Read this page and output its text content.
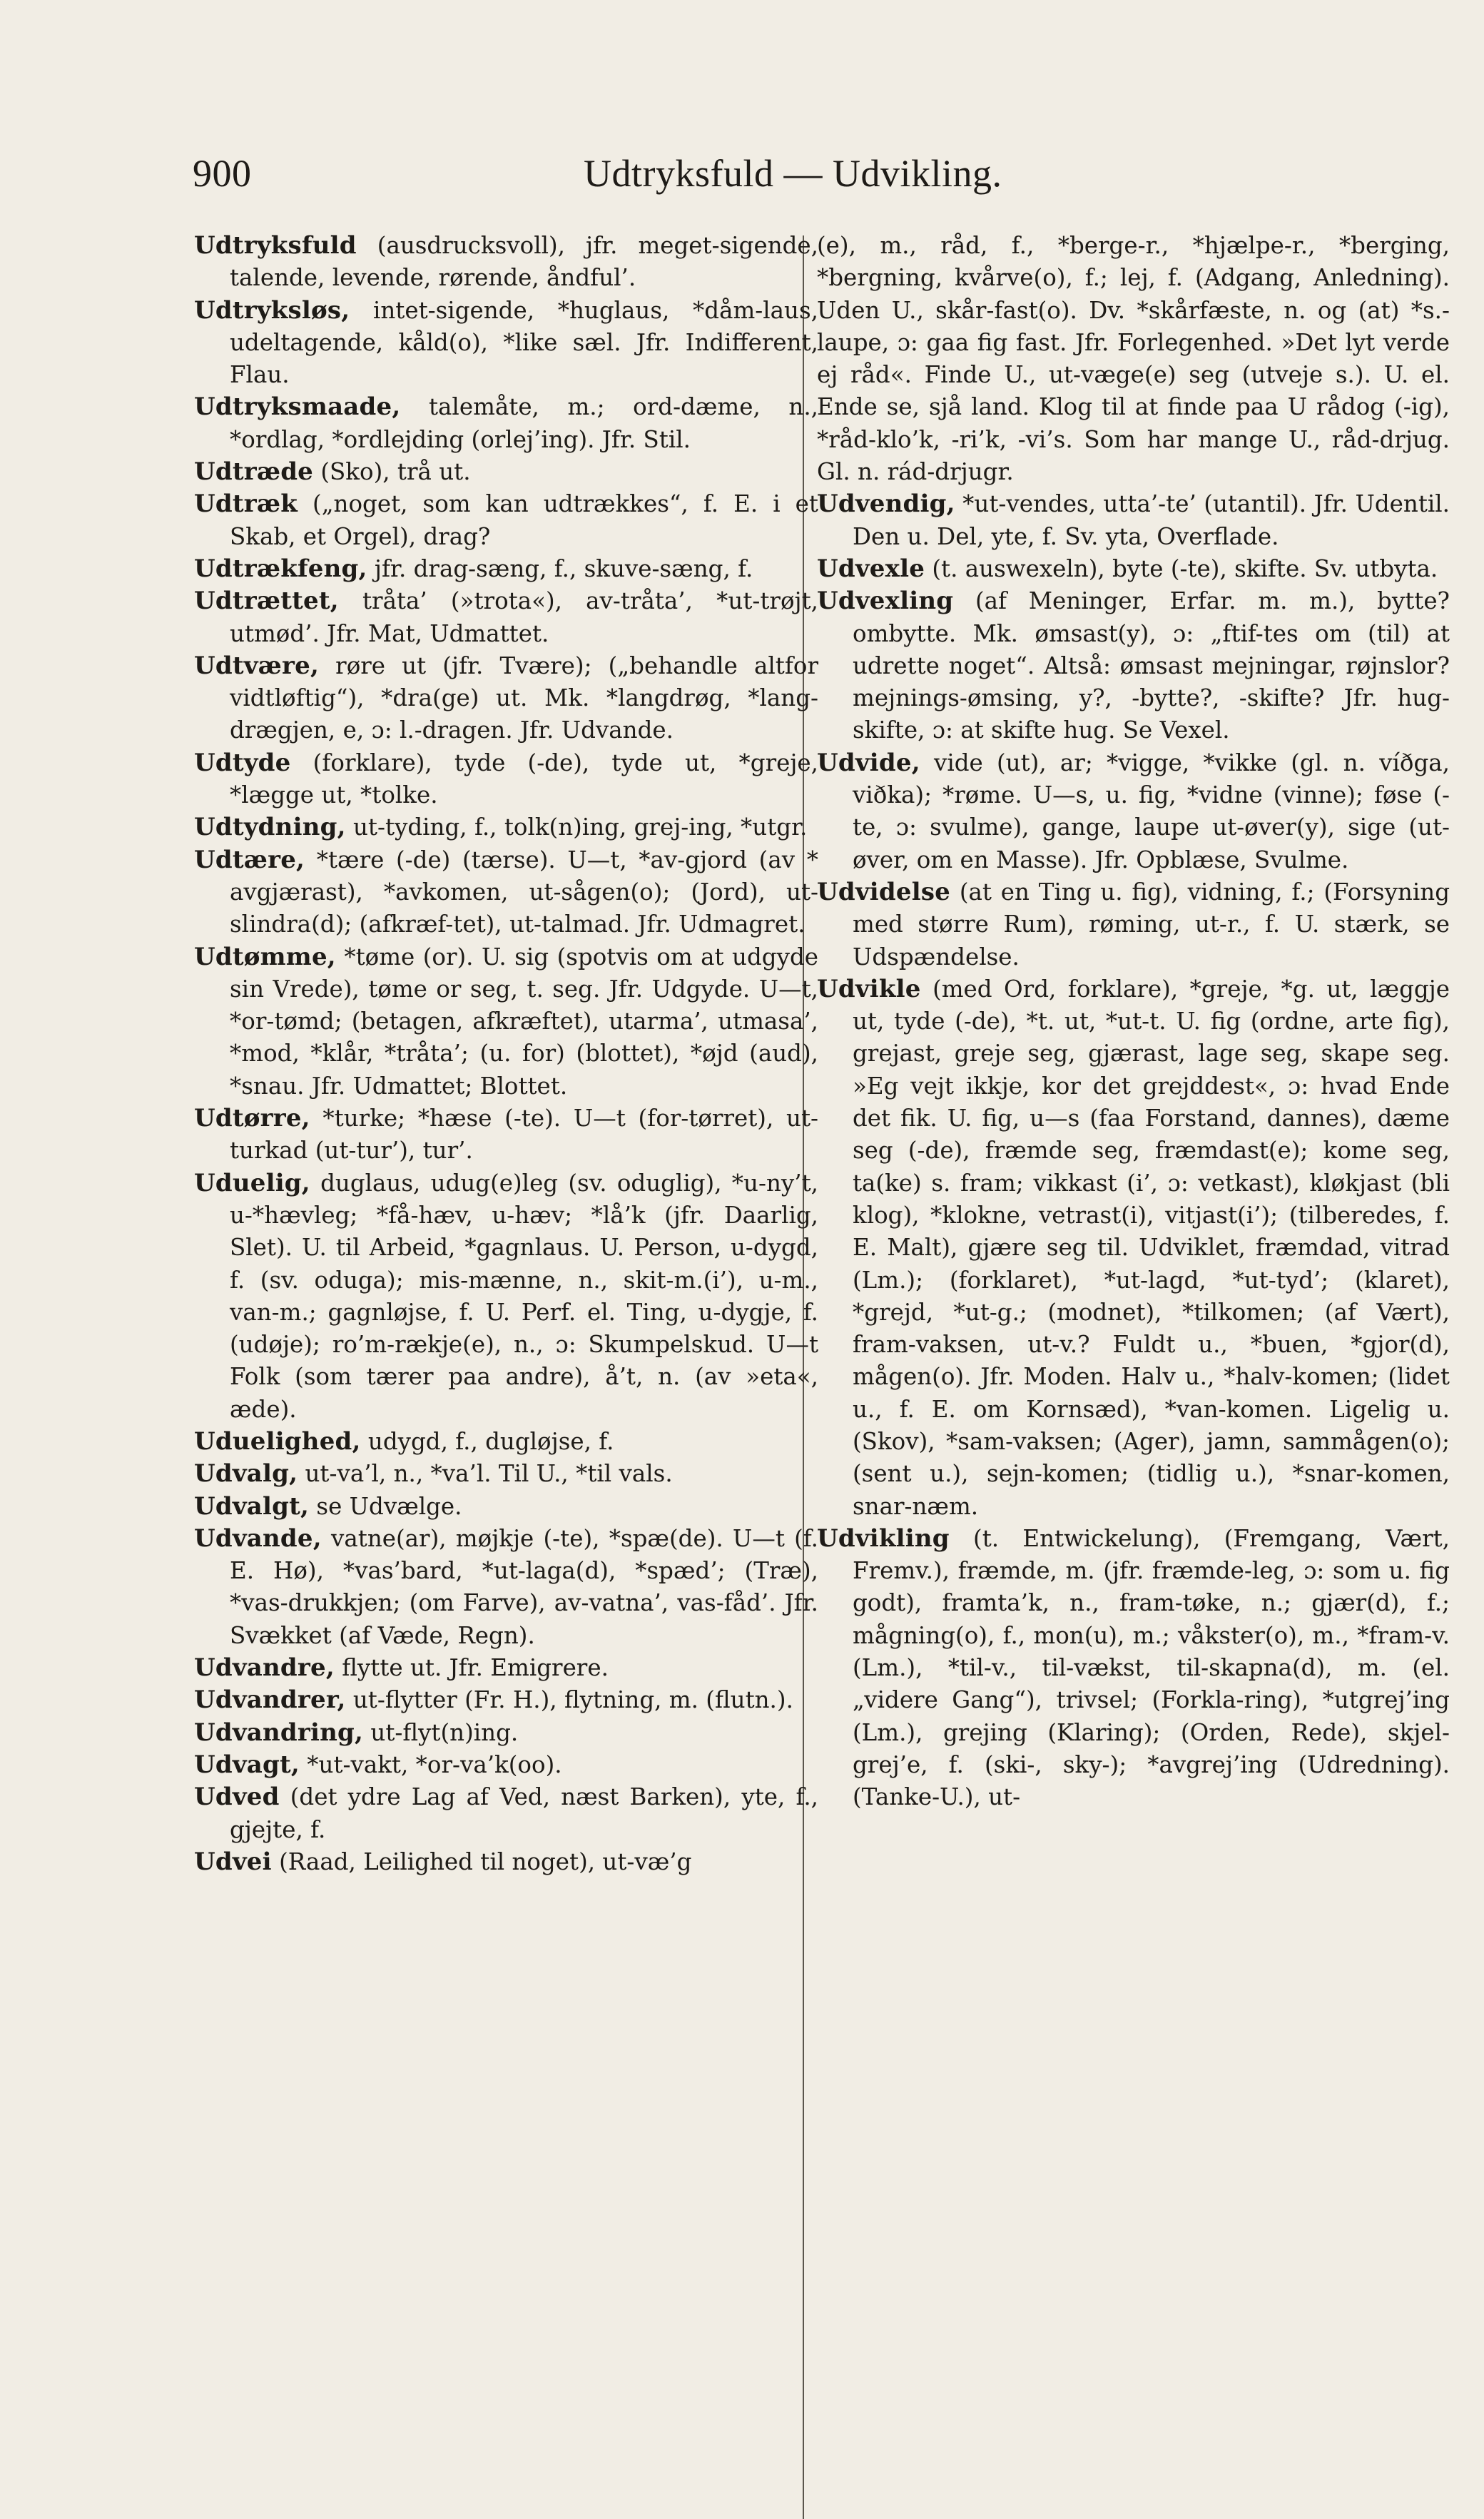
900	Udtryksfuld — Udvikling.

Udtryksfuld (ausdrucksvoll), jfr. meget-sigende, talende, levende, rørende, åndful’.

Udtryksløs, intet-sigende, *huglaus, *dåm-laus, udeltagende, kåld(o), *like sæl. Jfr. Indifferent, Flau.

Udtryksmaade, talemåte, m.; ord-dæme, n., *ordlag, *ordlejding (orlej’ing). Jfr. Stil.

Udtræde (Sko), trå ut.

Udtræk („noget, som kan udtrækkes“, f. E. i et Skab, et Orgel), drag?

Udtrækfeng, jfr. drag-sæng, f., skuve-sæng, f.

Udtrættet, tråta’ (»trota«), av-tråta’, *ut-trøjt, utmød’. Jfr. Mat, Udmattet.

Udtvære, røre ut (jfr. Tvære); („behandle altfor vidtløftig“), *dra(ge) ut. Mk. *langdrøg, *lang-drægjen, e, ɔ: l.-dragen. Jfr. Udvande.

Udtyde (forklare), tyde (-de), tyde ut, *greje, *lægge ut, *tolke.

Udtydning, ut-tyding, f., tolk(n)ing, grej-ing, *utgr.

Udtære, *tære (-de) (tærse). U—t, *av-gjord (av * avgjærast), *avkomen, ut-sågen(o); (Jord), ut-slindra(d); (afkræf-tet), ut-talmad. Jfr. Udmagret.

Udtømme, *tøme (or). U. sig (spotvis om at udgyde sin Vrede), tøme or seg, t. seg. Jfr. Udgyde. U—t, *or-tømd; (betagen, afkræftet), utarma’, utmasa’, *mod, *klår, *tråta’; (u. for) (blottet), *øjd (aud), *snau. Jfr. Udmattet; Blottet.

Udtørre, *turke; *hæse (-te). U—t (for-tørret), ut-turkad (ut-tur’), tur’.

Uduelig, duglaus, udug(e)leg (sv. oduglig), *u-ny’t, u-*hævleg; *få-hæv, u-hæv; *lå’k (jfr. Daarlig, Slet). U. til Arbeid, *gagnlaus. U. Person, u-dygd, f. (sv. oduga); mis-mænne, n., skit-m.(i’), u-m., van-m.; gagnløjse, f. U. Perf. el. Ting, u-dygje, f. (udøje); ro’m-rækje(e), n., ɔ: Skumpelskud. U—t Folk (som tærer paa andre), å’t, n. (av »eta«, æde).

Uduelighed, udygd, f., dugløjse, f.

Udvalg, ut-va’l, n., *va’l. Til U., *til vals.

Udvalgt, se Udvælge.

Udvande, vatne(ar), møjkje (-te), *spæ(de). U—t (f. E. Hø), *vas’bard, *ut-laga(d), *spæd’; (Træ), *vas-drukkjen; (om Farve), av-vatna’, vas-fåd’. Jfr. Svækket (af Væde, Regn).

Udvandre, flytte ut. Jfr. Emigrere.

Udvandrer, ut-flytter (Fr. H.), flytning, m. (flutn.).

Udvandring, ut-flyt(n)ing.

Udvagt, *ut-vakt, *or-va’k(oo).

Udved (det ydre Lag af Ved, næst Barken), yte, f., gjejte, f.

Udvei (Raad, Leilighed til noget), ut-væ’g

(e), m., råd, f., *berge-r., *hjælpe-r., *berging, *bergning, kvårve(o), f.; lej, f. (Adgang, Anledning). Uden U., skår-fast(o). Dv. *skårfæste, n. og (at) *s.-laupe, ɔ: gaa fig fast. Jfr. Forlegenhed. »Det lyt verde ej råd«. Finde U., ut-væge(e) seg (utveje s.). U. el. Ende se, sjå land. Klog til at finde paa U rådog (-ig), *råd-klo’k, -ri’k, -vi’s. Som har mange U., råd-drjug. Gl. n. rád-drjugr.

Udvendig, *ut-vendes, utta’-te’ (utantil). Jfr. Udentil. Den u. Del, yte, f. Sv. yta, Overflade.

Udvexle (t. auswexeln), byte (-te), skifte. Sv. utbyta.

Udvexling (af Meninger, Erfar. m. m.), bytte? ombytte. Mk. ømsast(y), ɔ: „ftif-tes om (til) at udrette noget“. Altså: ømsast mejningar, røjnslor? mejnings-ømsing, y?, -bytte?, -skifte? Jfr. hug-skifte, ɔ: at skifte hug. Se Vexel.

Udvide, vide (ut), ar; *vigge, *vikke (gl. n. víðga, viðka); *røme. U—s, u. fig, *vidne (vinne); føse (-te, ɔ: svulme), gange, laupe ut-øver(y), sige (ut-øver, om en Masse). Jfr. Opblæse, Svulme.

Udvidelse (at en Ting u. fig), vidning, f.; (Forsyning med større Rum), røming, ut-r., f. U. stærk, se Udspændelse.

Udvikle (med Ord, forklare), *greje, *g. ut, læggje ut, tyde (-de), *t. ut, *ut-t. U. fig (ordne, arte fig), grejast, greje seg, gjærast, lage seg, skape seg. »Eg vejt ikkje, kor det grejddest«, ɔ: hvad Ende det fik. U. fig, u—s (faa Forstand, dannes), dæme seg (-de), fræmde seg, fræmdast(e); kome seg, ta(ke) s. fram; vikkast (i’, ɔ: vetkast), kløkjast (bli klog), *klokne, vetrast(i), vitjast(i’); (tilberedes, f. E. Malt), gjære seg til. Udviklet, fræmdad, vitrad (Lm.); (forklaret), *ut-lagd, *ut-tyd’; (klaret), *grejd, *ut-g.; (modnet), *tilkomen; (af Vært), fram-vaksen, ut-v.? Fuldt u., *buen, *gjor(d), mågen(o). Jfr. Moden. Halv u., *halv-komen; (lidet u., f. E. om Kornsæd), *van-komen. Ligelig u. (Skov), *sam-vaksen; (Ager), jamn, sammågen(o); (sent u.), sejn-komen; (tidlig u.), *snar-komen, snar-næm.

Udvikling (t. Entwickelung), (Fremgang, Vært, Fremv.), fræmde, m. (jfr. fræmde-leg, ɔ: som u. fig godt), framta’k, n., fram-tøke, n.; gjær(d), f.; mågning(o), f., mon(u), m.; våkster(o), m., *fram-v. (Lm.), *til-v., til-vækst, til-skapna(d), m. (el. „videre Gang“), trivsel; (Forkla-ring), *utgrej’ing (Lm.), grejing (Klaring); (Orden, Rede), skjel-grej’e, f. (ski-, sky-); *avgrej’ing (Udredning). (Tanke-U.), ut-
